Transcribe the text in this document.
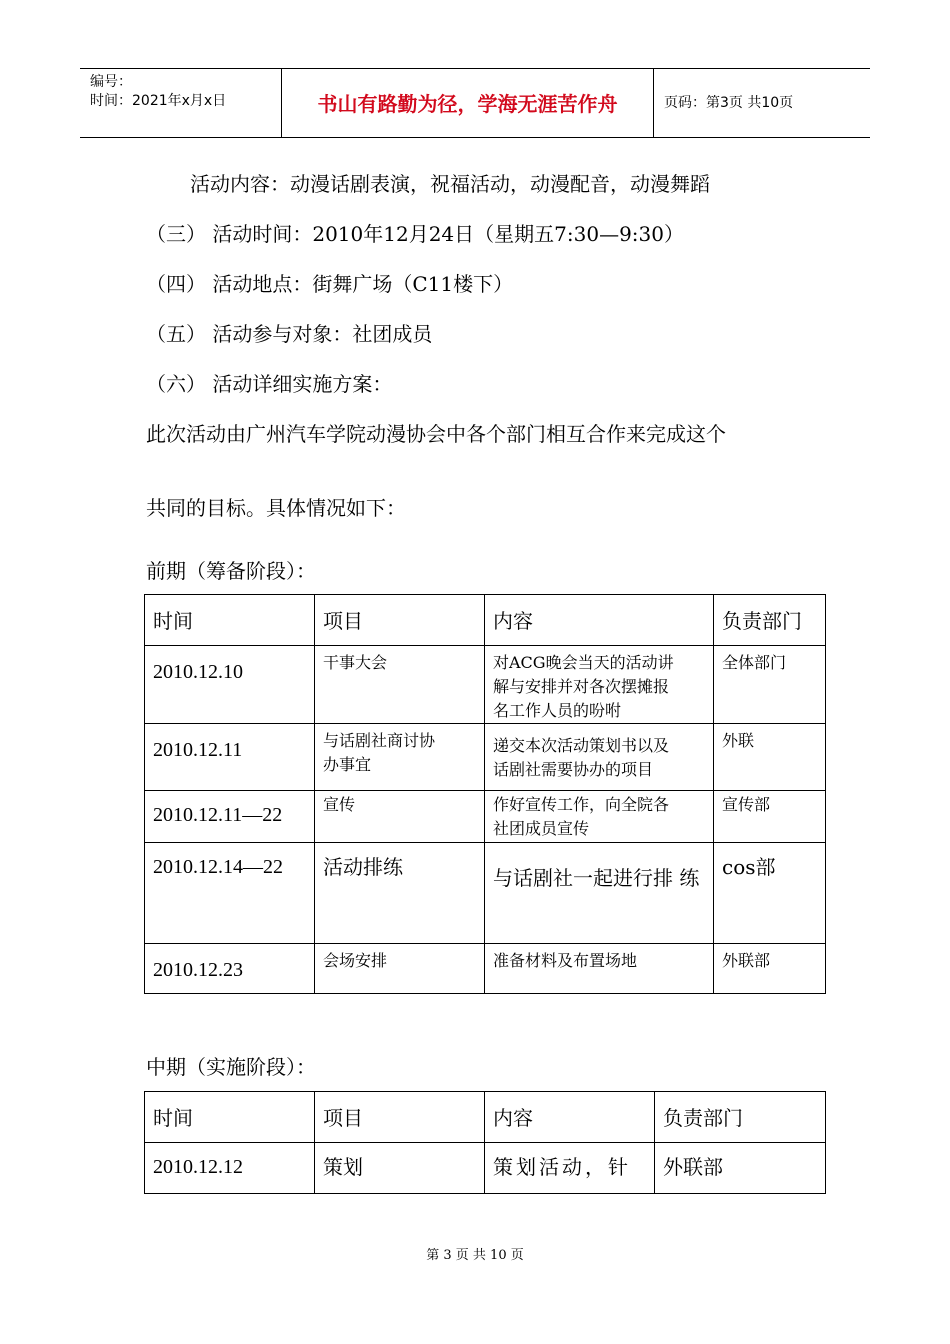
编号：
时间：2021年x月x日	书山有路勤为径，学海无涯苦作舟	页码：第3页 共10页
活动内容：动漫话剧表演，祝福活动，动漫配音，动漫舞蹈
（三） 活动时间：2010年12月24日（星期五7:30—9:30）
（四） 活动地点：街舞广场（C11楼下）
（五） 活动参与对象：社团成员
（六） 活动详细实施方案：
此次活动由广州汽车学院动漫协会中各个部门相互合作来完成这个
共同的目标。具体情况如下：
前期（筹备阶段）：
时间	项目	内容	负责部门
2010.12.10	干事大会	对ACG晚会当天的活动讲
解与安排并对各次摆摊报
名工作人员的吩咐	全体部门
2010.12.11	与话剧社商讨协
办事宜	递交本次活动策划书以及
话剧社需要协办的项目	外联
2010.12.11—22	宣传	作好宣传工作，向全院各
社团成员宣传	宣传部
2010.12.14—22	活动排练	与话剧社一起进行排 练	cos部
2010.12.23	会场安排	准备材料及布置场地	外联部
中期（实施阶段）：
时间	项目	内容	负责部门
2010.12.12	策划	策划活动，针	外联部
第 3 页 共 10 页
